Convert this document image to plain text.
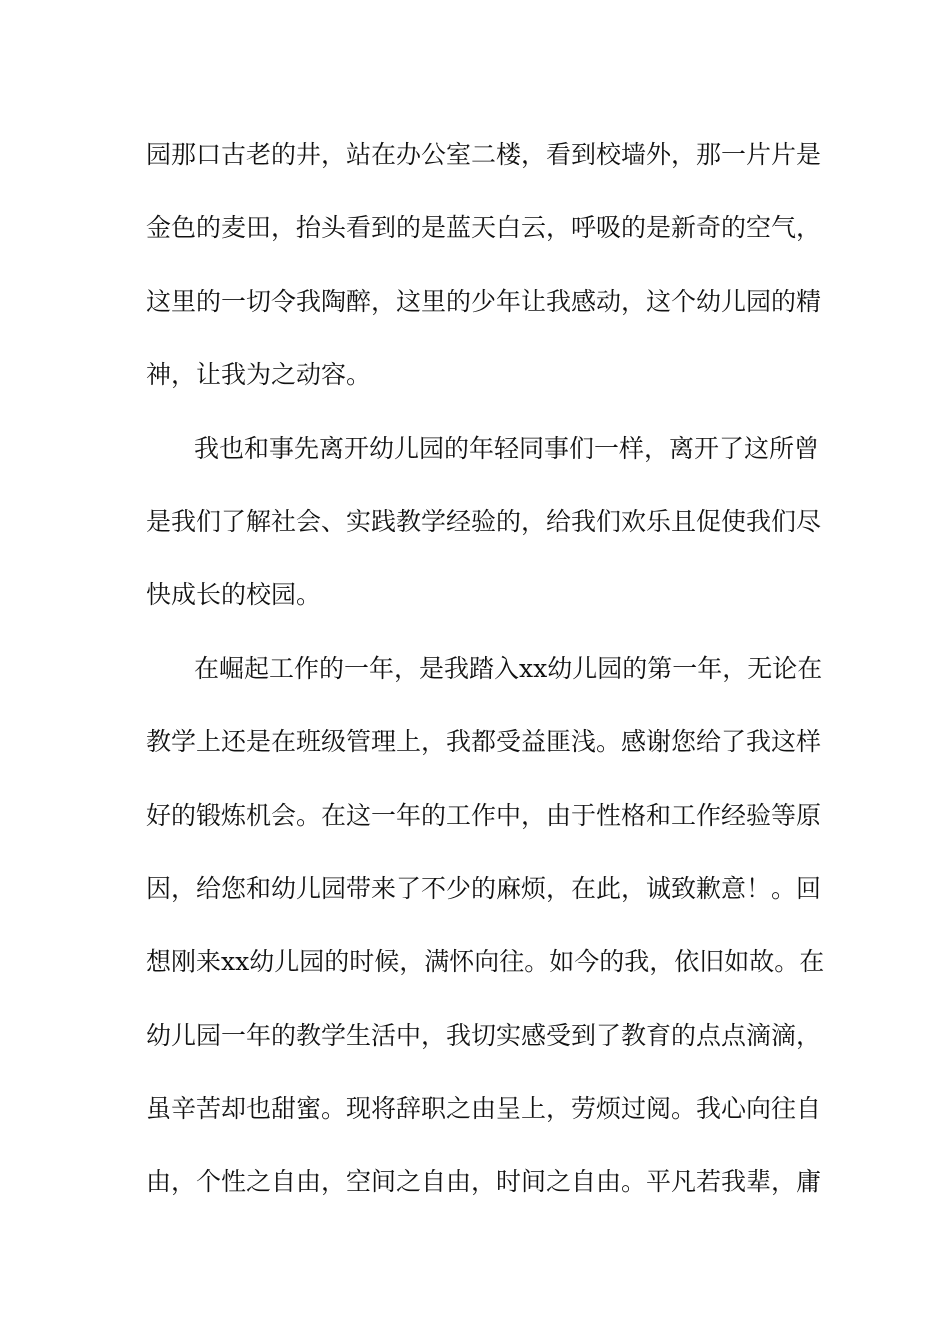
园那口古老的井，站在办公室二楼，看到校墙外，那一片片是
金色的麦田，抬头看到的是蓝天白云，呼吸的是新奇的空气，
这里的一切令我陶醉，这里的少年让我感动，这个幼儿园的精
神，让我为之动容。
我也和事先离开幼儿园的年轻同事们一样，离开了这所曾
是我们了解社会、实践教学经验的，给我们欢乐且促使我们尽
快成长的校园。
在崛起工作的一年，是我踏入xx幼儿园的第一年，无论在
教学上还是在班级管理上，我都受益匪浅。感谢您给了我这样
好的锻炼机会。在这一年的工作中，由于性格和工作经验等原
因，给您和幼儿园带来了不少的麻烦，在此，诚致歉意！。回
想刚来xx幼儿园的时候，满怀向往。如今的我，依旧如故。在
幼儿园一年的教学生活中，我切实感受到了教育的点点滴滴，
虽辛苦却也甜蜜。现将辞职之由呈上，劳烦过阅。我心向往自
由，个性之自由，空间之自由，时间之自由。平凡若我辈，庸
